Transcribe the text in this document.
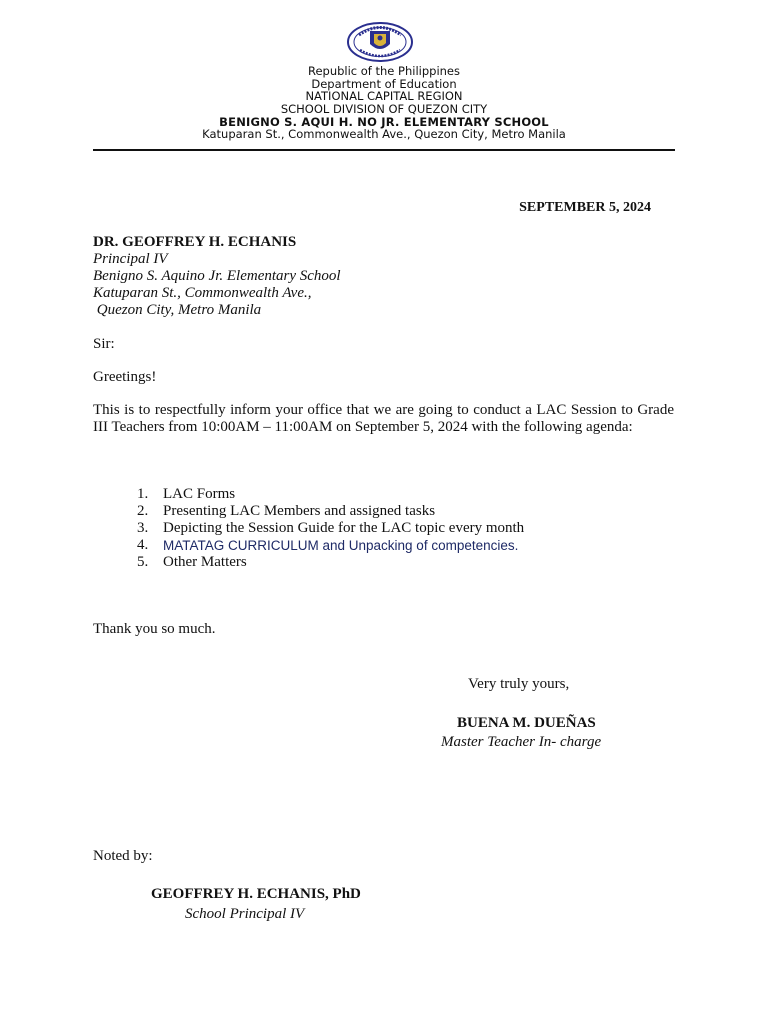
Republic of the Philippines
Department of Education
NATIONAL CAPITAL REGION
SCHOOL DIVISION OF QUEZON CITY
BENIGNO S. AQUI H. NO JR. ELEMENTARY SCHOOL
Katuparan St., Commonwealth Ave., Quezon City, Metro Manila
SEPTEMBER 5, 2024
DR. GEOFFREY H. ECHANIS
Principal IV
Benigno S. Aquino Jr. Elementary School
Katuparan St., Commonwealth Ave.,
Quezon City, Metro Manila
Sir:
Greetings!
This is to respectfully inform your office that we are going to conduct a LAC Session to Grade III Teachers from 10:00AM – 11:00AM on September 5, 2024 with the following agenda:
1. LAC Forms
2. Presenting LAC Members and assigned tasks
3. Depicting the Session Guide for the LAC topic every month
4.	MATATAG CURRICULUM and Unpacking of competencies.
5. Other Matters
Thank you so much.
Very truly yours,
BUENA M. DUEÑAS
Master Teacher In- charge
Noted by:
GEOFFREY H. ECHANIS, PhD
School Principal IV
